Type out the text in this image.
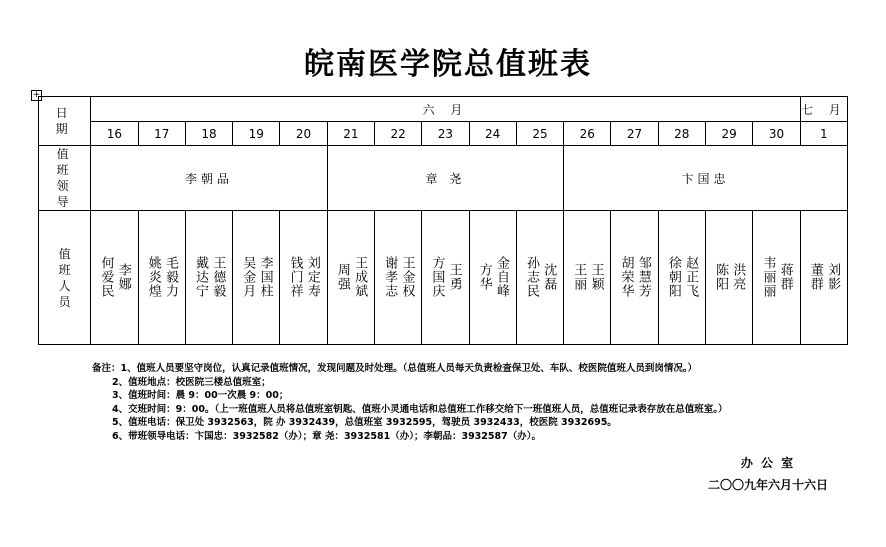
皖南医学院总值班表
+
日
期	六 月															七 月
	16	17	18	19	20	21	22	23	24	25	26	27	28	29	30	1

值
班
领
导	李朝品					章 尧					卞国忠					

值
班
人
员	何爱民 李娜	姚炎煌 毛毅力	戴达宁 王德毅	吴金月 李国柱	钱门祥 刘定寿	周强 王成斌	谢孝志 王金权	方国庆 王勇	方华 金自峰	孙志民 沈磊	王丽 王颖	胡荣华 邹慧芳	徐朝阳 赵正飞	陈阳 洪亮	韦丽丽 蒋群	董群 刘影
备注：1、值班人员要坚守岗位，认真记录值班情况，发现问题及时处理。（总值班人员每天负责检查保卫处、车队、校医院值班人员到岗情况。）
2、值班地点：校医院三楼总值班室；
3、值班时间：晨 9：00一次晨 9：00；
4、交班时间：9：00。（上一班值班人员将总值班室钥匙、值班小灵通电话和总值班工作移交给下一班值班人员，总值班记录表存放在总值班室。）
5、值班电话：保卫处 3932563，院 办 3932439，总值班室 3932595，驾驶员 3932433，校医院 3932695。
6、带班领导电话：卞国忠：3932582（办）；章 尧：3932581（办）；李朝品：3932587（办）。
办 公 室
二〇〇九年六月十六日
